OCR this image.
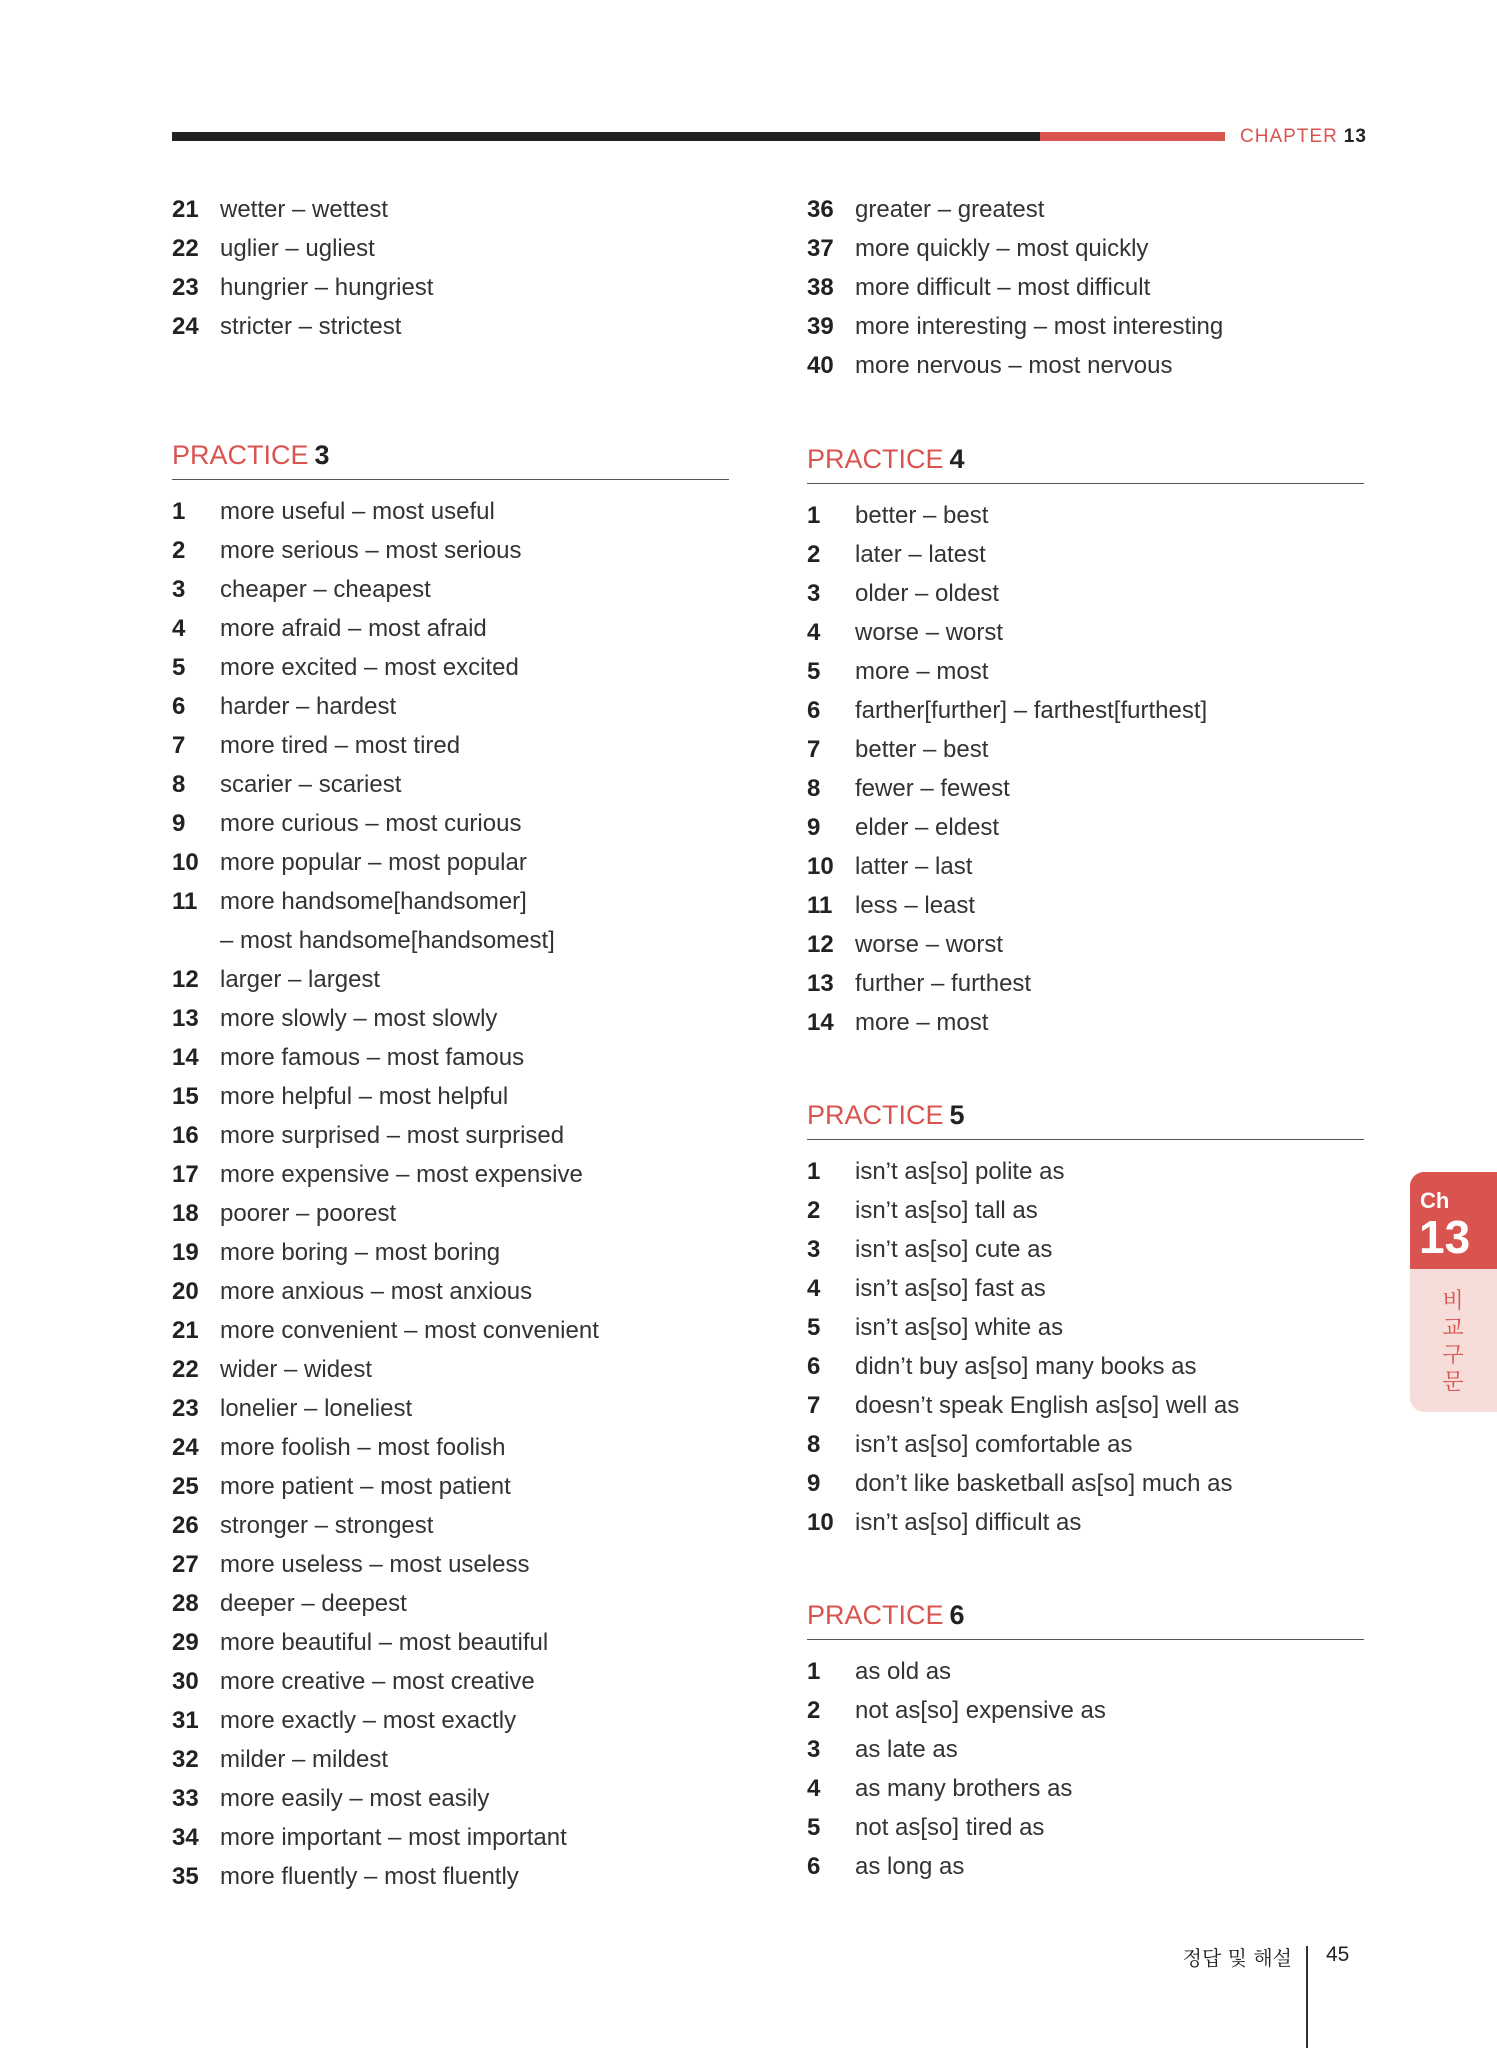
CHAPTER 13
21 wetter – wettest
22 uglier – ugliest
23 hungrier – hungriest
24 stricter – strictest
PRACTICE 3
1	more useful – most useful
2	more serious – most serious
3	cheaper – cheapest
4	more afraid – most afraid
5	more excited – most excited
6	harder – hardest
7	more tired – most tired
8	scarier – scariest
9	more curious – most curious
10 more popular – most popular
11 more handsome[handsomer]
– most handsome[handsomest]
12 larger – largest
13 more slowly – most slowly
14 more famous – most famous
15 more helpful – most helpful
16 more surprised – most surprised
17 more expensive – most expensive
18 poorer – poorest
19 more boring – most boring
20 more anxious – most anxious
21 more convenient – most convenient
22 wider – widest
23 lonelier – loneliest
24 more foolish – most foolish
25 more patient – most patient
26 stronger – strongest
27 more useless – most useless
28 deeper – deepest
29 more beautiful – most beautiful
30 more creative – most creative
31 more exactly – most exactly
32 milder – mildest
33 more easily – most easily
34 more important – most important
35 more fluently – most fluently
36 greater – greatest
37 more quickly – most quickly
38 more difficult – most difficult
39 more interesting – most interesting
40 more nervous – most nervous
PRACTICE 4
1	better – best
2	later – latest
3	older – oldest
4	worse – worst
5	more – most
6	farther[further] – farthest[furthest]
7	better – best
8	fewer – fewest
9	elder – eldest
10 latter – last
11 less – least
12 worse – worst
13 further – furthest
14 more – most
PRACTICE 5
1	isn’t as[so] polite as
2	isn’t as[so] tall as
3	isn’t as[so] cute as
4	isn’t as[so] fast as
5	isn’t as[so] white as
6	didn’t buy as[so] many books as
7	doesn’t speak English as[so] well as
8	isn’t as[so] comfortable as
9	don’t like basketball as[so] much as
10 isn’t as[so] difficult as
PRACTICE 6
1	as old as
2	not as[so] expensive as
3	as late as
4	as many brothers as
5	not as[so] tired as
6	as long as
Ch
13
비교구문
정답 및 해설 45
